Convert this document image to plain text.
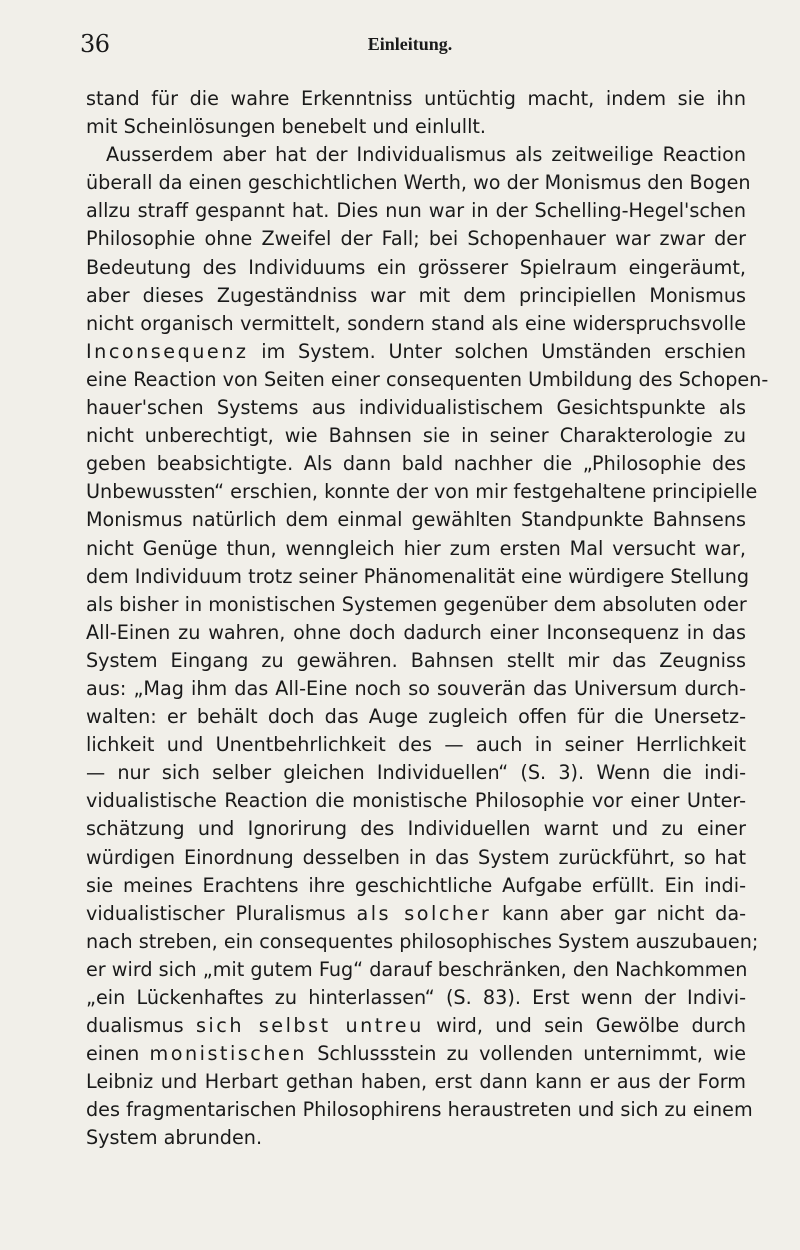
36	Einleitung.
stand für die wahre Erkenntniss untüchtig macht, indem sie ihn
mit Scheinlösungen benebelt und einlullt.
Ausserdem aber hat der Individualismus als zeitweilige Reaction
überall da einen geschichtlichen Werth, wo der Monismus den Bogen
allzu straff gespannt hat. Dies nun war in der Schelling-Hegel'schen
Philosophie ohne Zweifel der Fall; bei Schopenhauer war zwar der
Bedeutung des Individuums ein grösserer Spielraum eingeräumt,
aber dieses Zugeständniss war mit dem principiellen Monismus
nicht organisch vermittelt, sondern stand als eine widerspruchsvolle
Inconsequenz im System. Unter solchen Umständen erschien
eine Reaction von Seiten einer consequenten Umbildung des Schopen-
hauer'schen Systems aus individualistischem Gesichtspunkte als
nicht unberechtigt, wie Bahnsen sie in seiner Charakterologie zu
geben beabsichtigte. Als dann bald nachher die „Philosophie des
Unbewussten“ erschien, konnte der von mir festgehaltene principielle
Monismus natürlich dem einmal gewählten Standpunkte Bahnsens
nicht Genüge thun, wenngleich hier zum ersten Mal versucht war,
dem Individuum trotz seiner Phänomenalität eine würdigere Stellung
als bisher in monistischen Systemen gegenüber dem absoluten oder
All-Einen zu wahren, ohne doch dadurch einer Inconsequenz in das
System Eingang zu gewähren. Bahnsen stellt mir das Zeugniss
aus: „Mag ihm das All-Eine noch so souverän das Universum durch-
walten: er behält doch das Auge zugleich offen für die Unersetz-
lichkeit und Unentbehrlichkeit des — auch in seiner Herrlichkeit
— nur sich selber gleichen Individuellen“ (S. 3). Wenn die indi-
vidualistische Reaction die monistische Philosophie vor einer Unter-
schätzung und Ignorirung des Individuellen warnt und zu einer
würdigen Einordnung desselben in das System zurückführt, so hat
sie meines Erachtens ihre geschichtliche Aufgabe erfüllt. Ein indi-
vidualistischer Pluralismus als solcher kann aber gar nicht da-
nach streben, ein consequentes philosophisches System auszubauen;
er wird sich „mit gutem Fug“ darauf beschränken, den Nachkommen
„ein Lückenhaftes zu hinterlassen“ (S. 83). Erst wenn der Indivi-
dualismus sich selbst untreu wird, und sein Gewölbe durch
einen monistischen Schlussstein zu vollenden unternimmt, wie
Leibniz und Herbart gethan haben, erst dann kann er aus der Form
des fragmentarischen Philosophirens heraustreten und sich zu einem
System abrunden.
